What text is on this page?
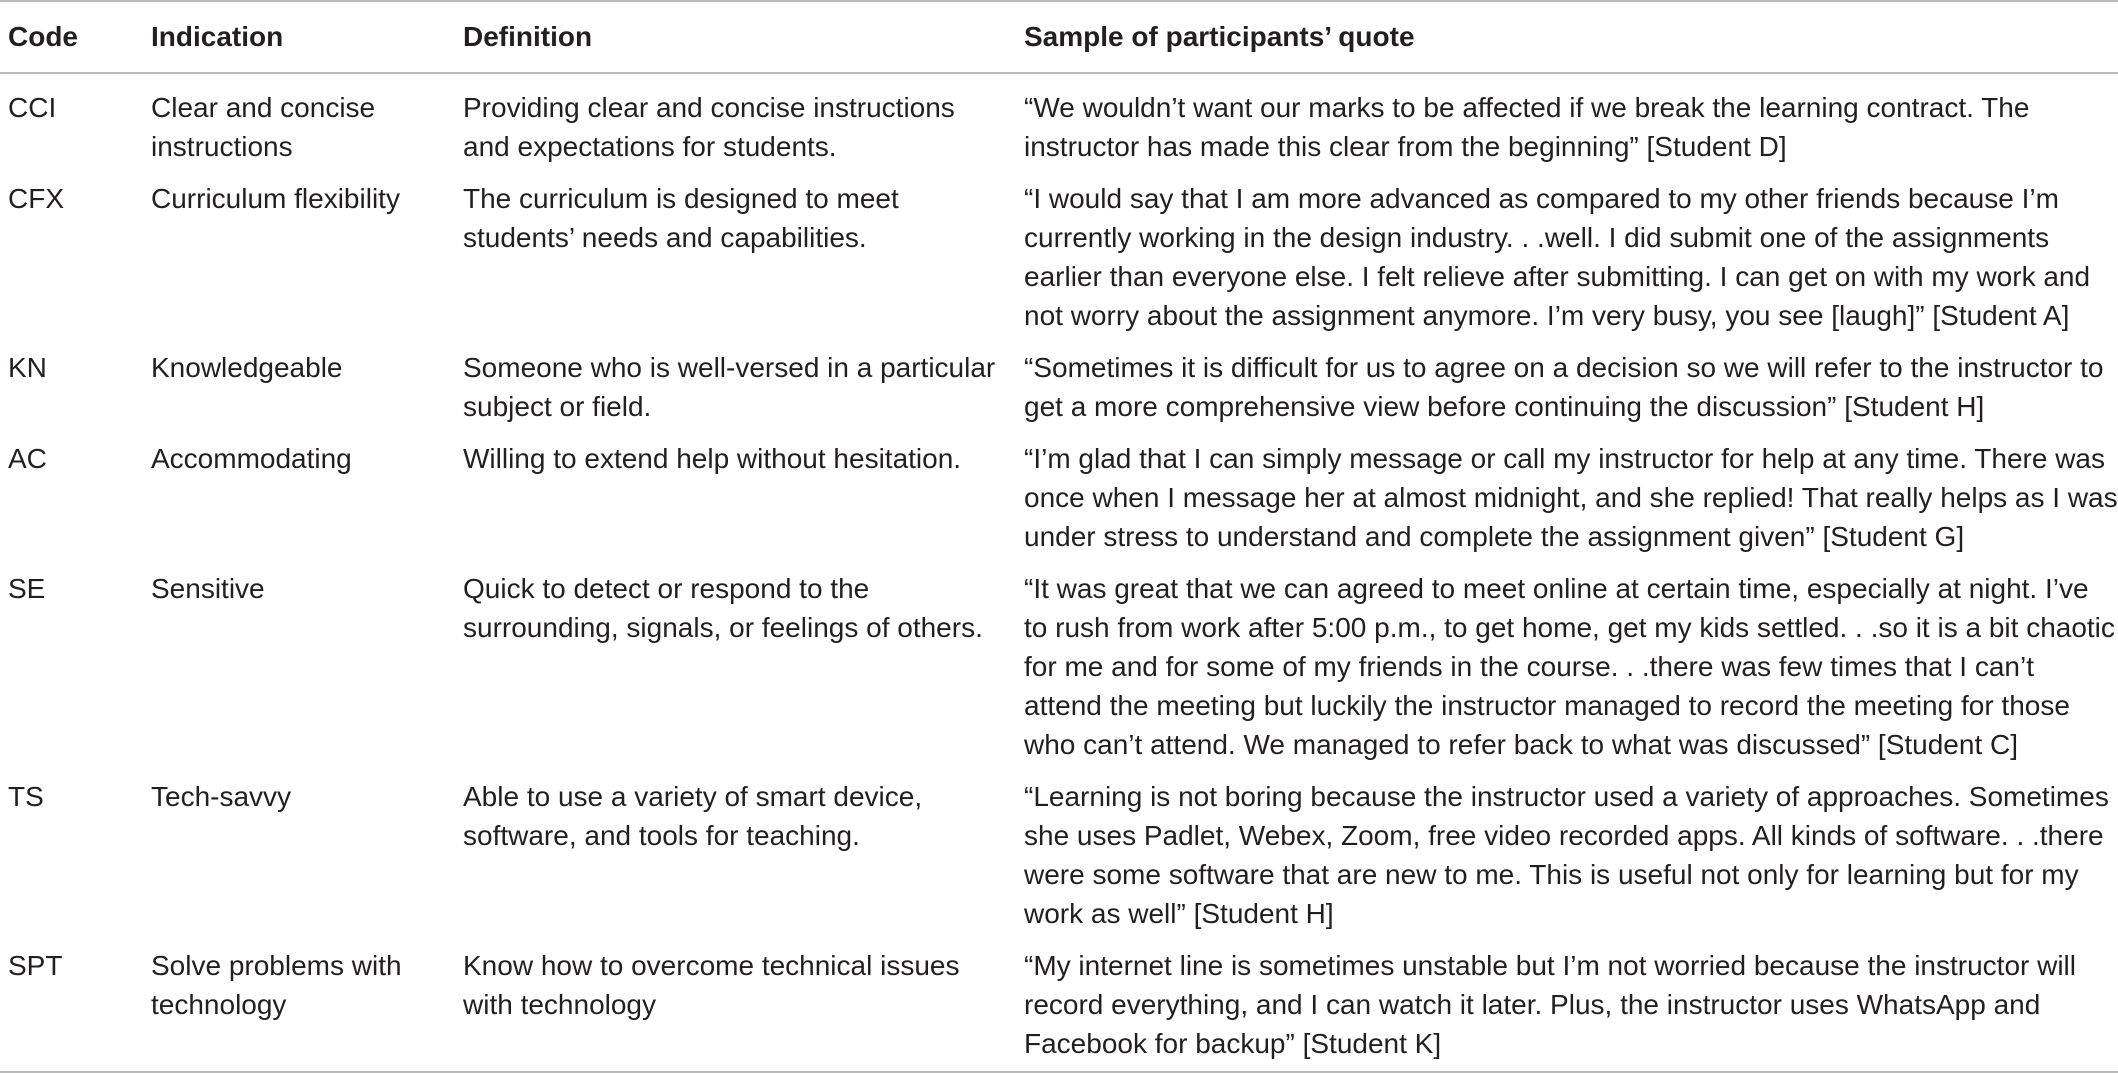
Code	Indication	Definition	Sample of participants’ quote
CCI	Clear and concise instructions	Providing clear and concise instructions and expectations for students.	“We wouldn’t want our marks to be affected if we break the learning contract. The instructor has made this clear from the beginning” [Student D]
CFX	Curriculum flexibility	The curriculum is designed to meet students’ needs and capabilities.	“I would say that I am more advanced as compared to my other friends because I’m currently working in the design industry. . .well. I did submit one of the assignments earlier than everyone else. I felt relieve after submitting. I can get on with my work and not worry about the assignment anymore. I’m very busy, you see [laugh]” [Student A]
KN	Knowledgeable	Someone who is well-versed in a particular subject or field.	“Sometimes it is difficult for us to agree on a decision so we will refer to the instructor to get a more comprehensive view before continuing the discussion” [Student H]
AC	Accommodating	Willing to extend help without hesitation.	“I’m glad that I can simply message or call my instructor for help at any time. There was once when I message her at almost midnight, and she replied! That really helps as I was under stress to understand and complete the assignment given” [Student G]
SE	Sensitive	Quick to detect or respond to the surrounding, signals, or feelings of others.	“It was great that we can agreed to meet online at certain time, especially at night. I’ve to rush from work after 5:00 p.m., to get home, get my kids settled. . .so it is a bit chaotic for me and for some of my friends in the course. . .there was few times that I can’t attend the meeting but luckily the instructor managed to record the meeting for those who can’t attend. We managed to refer back to what was discussed” [Student C]
TS	Tech-savvy	Able to use a variety of smart device, software, and tools for teaching.	“Learning is not boring because the instructor used a variety of approaches. Sometimes she uses Padlet, Webex, Zoom, free video recorded apps. All kinds of software. . .there were some software that are new to me. This is useful not only for learning but for my work as well” [Student H]
SPT	Solve problems with technology	Know how to overcome technical issues with technology	“My internet line is sometimes unstable but I’m not worried because the instructor will record everything, and I can watch it later. Plus, the instructor uses WhatsApp and Facebook for backup” [Student K]
